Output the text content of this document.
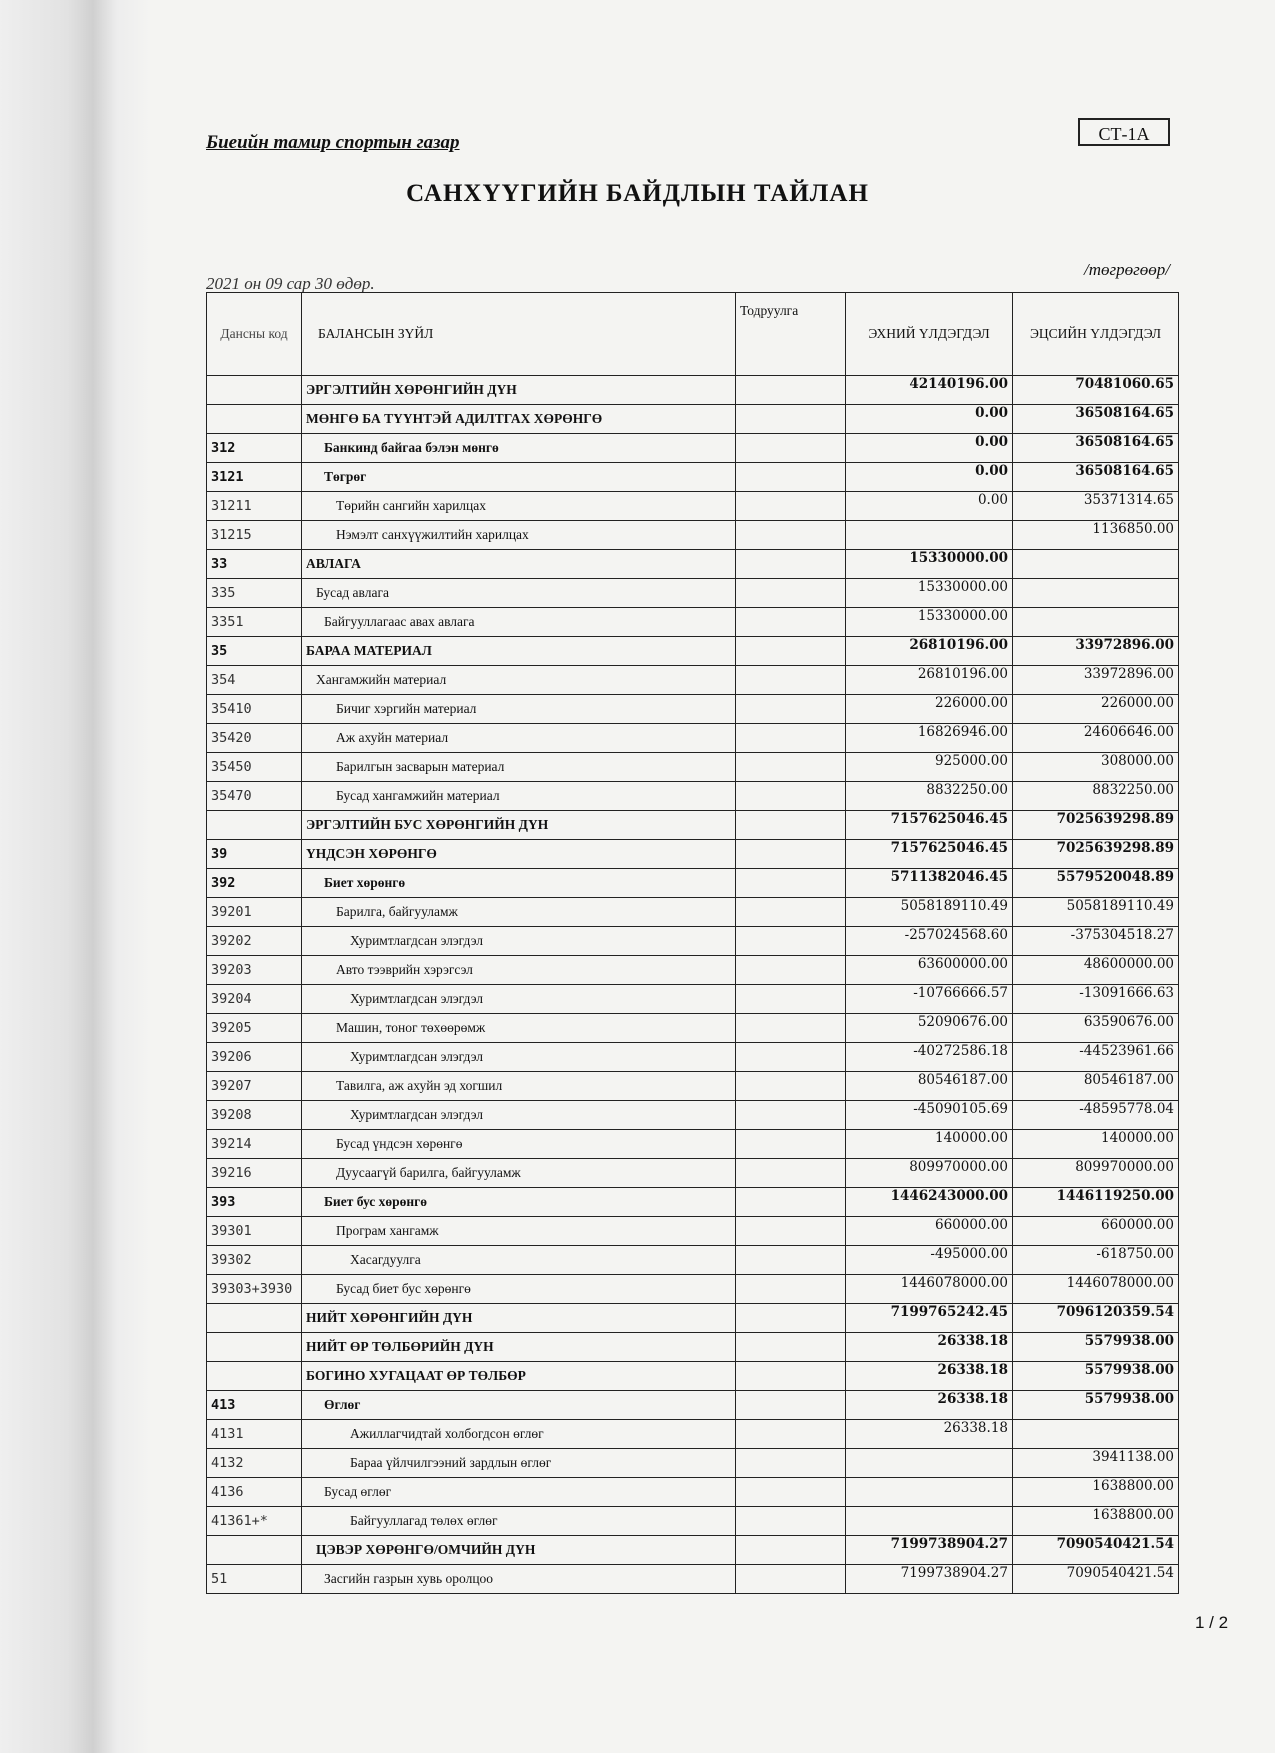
Биеийн тамир спортын газар	СТ-1А
САНХҮҮГИЙН БАЙДЛЫН ТАЙЛАН
/төгрөгөөр/
2021 он 09 сар 30 өдөр.
Дансны код	БАЛАНСЫН ЗҮЙЛ	Тодруулга	ЭХНИЙ ҮЛДЭГДЭЛ	ЭЦСИЙН ҮЛДЭГДЭЛ
	ЭРГЭЛТИЙН ХӨРӨНГИЙН ДҮН		42140196.00	70481060.65
	МӨНГӨ БА ТҮҮНТЭЙ АДИЛТГАХ ХӨРӨНГӨ		0.00	36508164.65
312	Банкинд байгаа бэлэн мөнгө		0.00	36508164.65
3121	Төгрөг		0.00	36508164.65
31211	Төрийн сангийн харилцах		0.00	35371314.65
31215	Нэмэлт санхүүжилтийн харилцах			1136850.00
33	АВЛАГА		15330000.00	
335	Бусад авлага		15330000.00	
3351	Байгууллагаас авах авлага		15330000.00	
35	БАРАА МАТЕРИАЛ		26810196.00	33972896.00
354	Хангамжийн материал		26810196.00	33972896.00
35410	Бичиг хэргийн материал		226000.00	226000.00
35420	Аж ахуйн материал		16826946.00	24606646.00
35450	Барилгын засварын материал		925000.00	308000.00
35470	Бусад хангамжийн материал		8832250.00	8832250.00
	ЭРГЭЛТИЙН БУС ХӨРӨНГИЙН ДҮН		7157625046.45	7025639298.89
39	ҮНДСЭН ХӨРӨНГӨ		7157625046.45	7025639298.89
392	Биет хөрөнгө		5711382046.45	5579520048.89
39201	Барилга, байгууламж		5058189110.49	5058189110.49
39202	Хуримтлагдсан элэгдэл		-257024568.60	-375304518.27
39203	Авто тээврийн хэрэгсэл		63600000.00	48600000.00
39204	Хуримтлагдсан элэгдэл		-10766666.57	-13091666.63
39205	Машин, тоног төхөөрөмж		52090676.00	63590676.00
39206	Хуримтлагдсан элэгдэл		-40272586.18	-44523961.66
39207	Тавилга, аж ахуйн эд хогшил		80546187.00	80546187.00
39208	Хуримтлагдсан элэгдэл		-45090105.69	-48595778.04
39214	Бусад үндсэн хөрөнгө		140000.00	140000.00
39216	Дуусаагүй барилга, байгууламж		809970000.00	809970000.00
393	Биет бус хөрөнгө		1446243000.00	1446119250.00
39301	Програм хангамж		660000.00	660000.00
39302	Хасагдуулга		-495000.00	-618750.00
39303+3930	Бусад биет бус хөрөнгө		1446078000.00	1446078000.00
	НИЙТ ХӨРӨНГИЙН ДҮН		7199765242.45	7096120359.54
	НИЙТ ӨР ТӨЛБӨРИЙН ДҮН		26338.18	5579938.00
	БОГИНО ХУГАЦААТ ӨР ТӨЛБӨР		26338.18	5579938.00
413	Өглөг		26338.18	5579938.00
4131	Ажиллагчидтай холбогдсон өглөг		26338.18	
4132	Бараа үйлчилгээний зардлын өглөг			3941138.00
4136	Бусад өглөг			1638800.00
41361+*	Байгууллагад төлөх өглөг			1638800.00
	ЦЭВЭР ХӨРӨНГӨ/ОМЧИЙН ДҮН		7199738904.27	7090540421.54
51	Засгийн газрын хувь оролцоо		7199738904.27	7090540421.54
1 / 2
